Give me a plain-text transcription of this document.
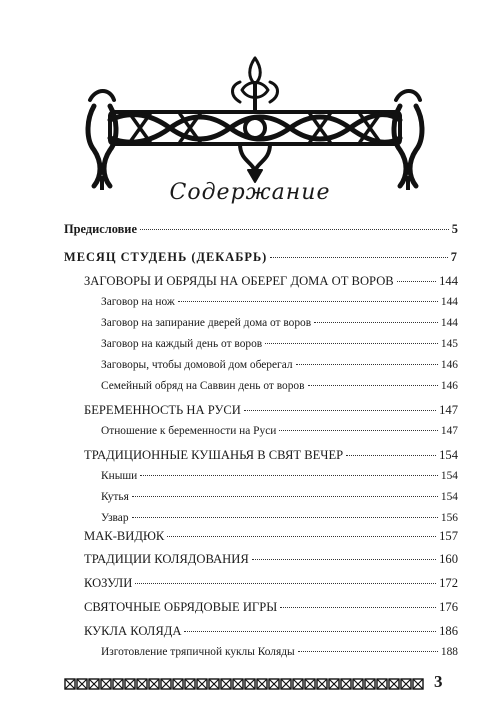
Содержание
Предисловие	5
МЕСЯЦ СТУДЕНЬ (ДЕКАБРЬ)	7
ЗАГОВОРЫ И ОБРЯДЫ НА ОБЕРЕГ ДОМА ОТ ВОРОВ	144
Заговор на нож	144
Заговор на запирание дверей дома от воров	144
Заговор на каждый день от воров	145
Заговоры, чтобы домовой дом оберегал	146
Семейный обряд на Саввин день от воров	146
БЕРЕМЕННОСТЬ НА РУСИ	147
Отношение к беременности на Руси	147
ТРАДИЦИОННЫЕ КУШАНЬЯ В СВЯТ ВЕЧЕР	154
Кныши	154
Кутья	154
Узвар	156
МАК-ВИДЮК	157
ТРАДИЦИИ КОЛЯДОВАНИЯ	160
КОЗУЛИ	172
СВЯТОЧНЫЕ ОБРЯДОВЫЕ ИГРЫ	176
КУКЛА КОЛЯДА	186
Изготовление тряпичной куклы Коляды	188
3
